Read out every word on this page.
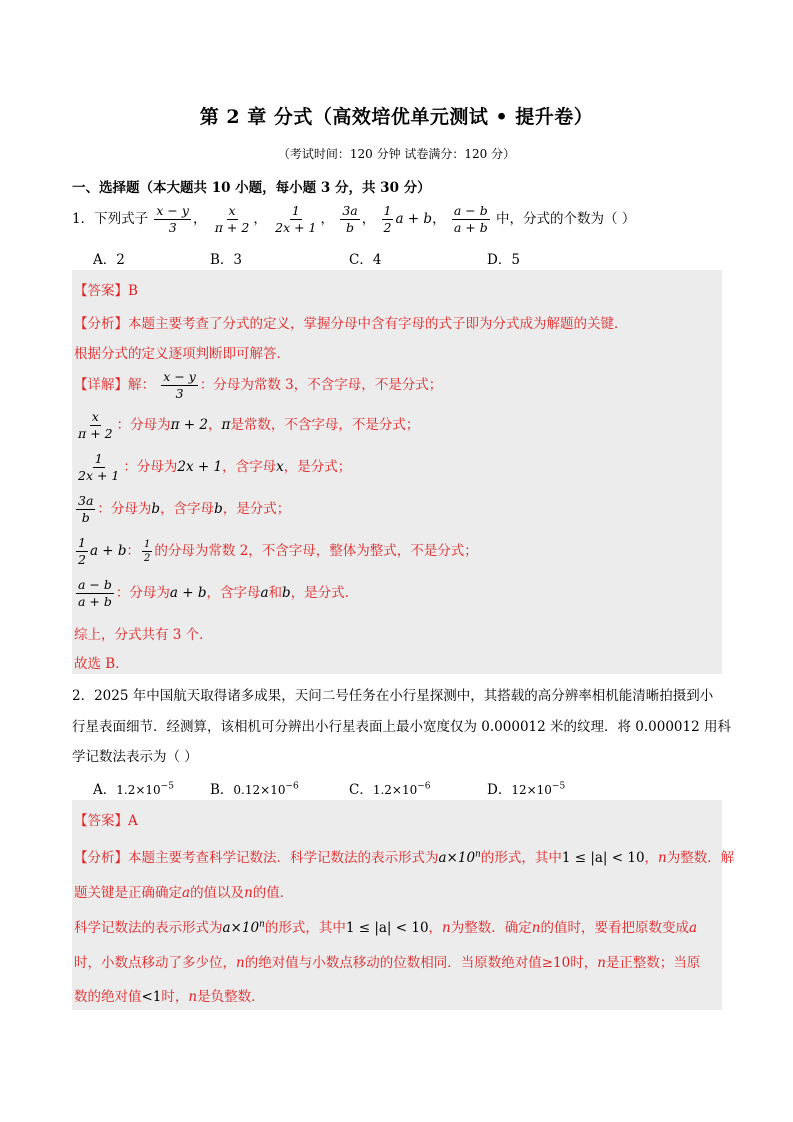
第 2 章 分式（高效培优单元测试 • 提升卷）
（考试时间：120 分钟 试卷满分：120 分）
一、选择题（本大题共 10 小题，每小题 3 分，共 30 分）
1．下列式子 $\frac{x - y}{3}$ ， $\frac{x}{\pi + 2}$ ， $\frac{1}{2x + 1}$ ， $\frac{3a}{b}$ ， $\frac{1}{2}$ a + b， $\frac{a - b}{a + b}$ 中，分式的个数为（ ）
A．2	B．3	C．4	D．5
【答案】B
【分析】本题主要考查了分式的定义，掌握分母中含有字母的式子即为分式成为解题的关键．
根据分式的定义逐项判断即可解答．
【详解】解： $\frac{x - y}{3}$ ：分母为常数 3，不含字母，不是分式；
$\frac{x}{\pi + 2}$ ：分母为π + 2，π是常数，不含字母，不是分式；
$\frac{1}{2x + 1}$ ：分母为2x + 1，含字母x，是分式；
$\frac{3a}{b}$ ：分母为b，含字母b，是分式；
$\frac{1}{2}$ a + b： $\frac{1}{2}$ 的分母为常数 2，不含字母，整体为整式，不是分式；
$\frac{a - b}{a + b}$ ：分母为a + b，含字母a和b，是分式．
综上，分式共有 3 个．
故选 B．
2．2025 年中国航天取得诸多成果，天问二号任务在小行星探测中，其搭载的高分辨率相机能清晰拍摄到小
行星表面细节．经测算，该相机可分辨出小行星表面上最小宽度仅为 0.000012 米的纹理．将 0.000012 用科
学记数法表示为（ ）
A．$1.2\times 10^{-5}$	B．$0.12\times 10^{-6}$	C．$1.2\times 10^{-6}$	D．$12\times 10^{-5}$
【答案】A
【分析】本题主要考查科学记数法．科学记数法的表示形式为$a\times 10^n$的形式，其中1 ≤ |a| < 10，n为整数．解
题关键是正确确定a的值以及n的值．
科学记数法的表示形式为$a\times 10^n$的形式，其中1 ≤ |a| < 10，n为整数．确定n的值时，要看把原数变成a
时，小数点移动了多少位，n的绝对值与小数点移动的位数相同．当原数绝对值≥10时，n是正整数；当原
数的绝对值<1时，n是负整数．
